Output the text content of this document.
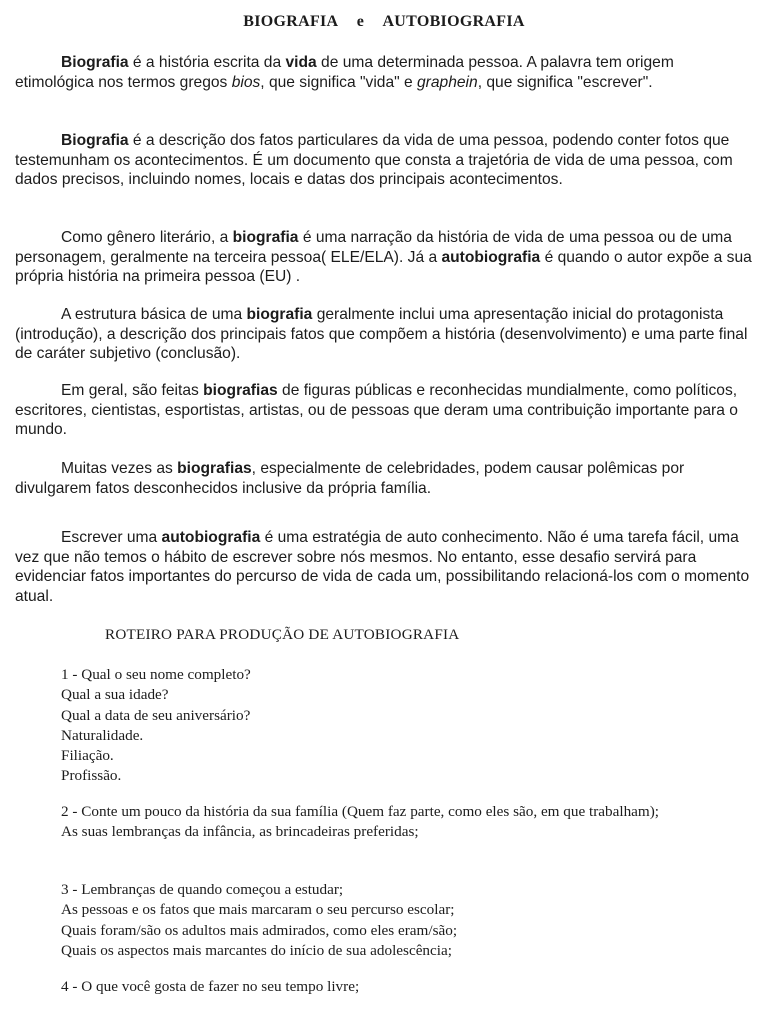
BIOGRAFIA e AUTOBIOGRAFIA

Biografia é a história escrita da vida de uma determinada pessoa. A palavra tem origem etimológica nos termos gregos bios, que significa "vida" e graphein, que significa "escrever".

Biografia é a descrição dos fatos particulares da vida de uma pessoa, podendo conter fotos que testemunham os acontecimentos. É um documento que consta a trajetória de vida de uma pessoa, com dados precisos, incluindo nomes, locais e datas dos principais acontecimentos.

Como gênero literário, a biografia é uma narração da história de vida de uma pessoa ou de uma personagem, geralmente na terceira pessoa( ELE/ELA). Já a autobiografia é quando o autor expõe a sua própria história na primeira pessoa (EU) .

A estrutura básica de uma biografia geralmente inclui uma apresentação inicial do protagonista (introdução), a descrição dos principais fatos que compõem a história (desenvolvimento) e uma parte final de caráter subjetivo (conclusão).

Em geral, são feitas biografias de figuras públicas e reconhecidas mundialmente, como políticos, escritores, cientistas, esportistas, artistas, ou de pessoas que deram uma contribuição importante para o mundo.

Muitas vezes as biografias, especialmente de celebridades, podem causar polêmicas por divulgarem fatos desconhecidos inclusive da própria família.

Escrever uma autobiografia é uma estratégia de auto conhecimento. Não é uma tarefa fácil, uma vez que não temos o hábito de escrever sobre nós mesmos. No entanto, esse desafio servirá para evidenciar fatos importantes do percurso de vida de cada um, possibilitando relacioná-los com o momento atual.

ROTEIRO PARA PRODUÇÃO DE AUTOBIOGRAFIA
1 - Qual o seu nome completo?
Qual a sua idade?
Qual a data de seu aniversário?
Naturalidade.
Filiação.
Profissão.
2 - Conte um pouco da história da sua família (Quem faz parte, como eles são, em que trabalham);
As suas lembranças da infância, as brincadeiras preferidas;
3 - Lembranças de quando começou a estudar;
As pessoas e os fatos que mais marcaram o seu percurso escolar;
Quais foram/são os adultos mais admirados, como eles eram/são;
Quais os aspectos mais marcantes do início de sua adolescência;
4 - O que você gosta de fazer no seu tempo livre;
